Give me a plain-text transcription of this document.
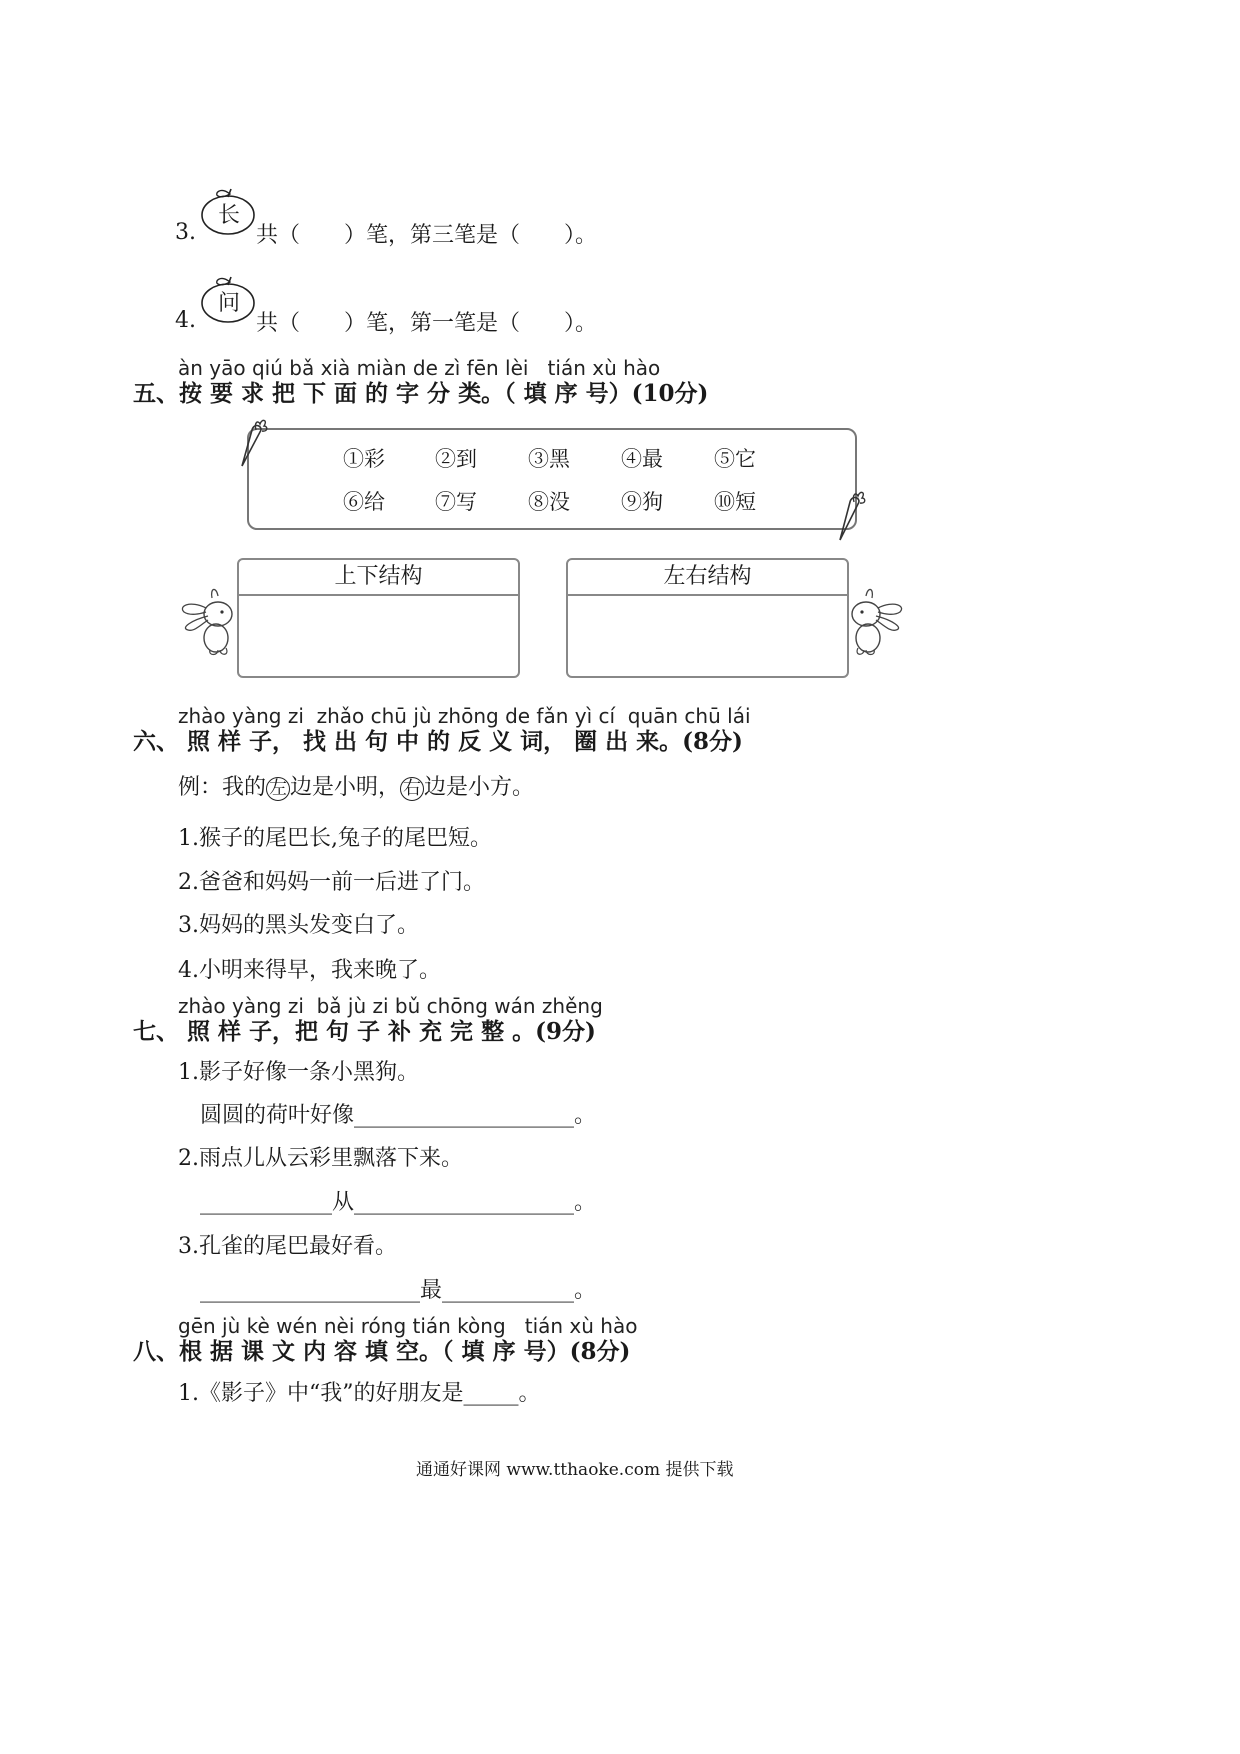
长
3.	共（　　）笔，第三笔是（　　）。
问
4.	共（　　）笔，第一笔是（　　）。
àn yāo qiú bǎ xià miàn de zì fēn lèi   tián xù hào
五、按 要 求 把 下 面 的 字 分 类。（ 填 序 号）(10分)
①彩 ②到 ③黑 ④最 ⑤它
⑥给 ⑦写 ⑧没 ⑨狗 ⑩短
上下结构	左右结构
zhào yàng zi  zhǎo chū jù zhōng de fǎn yì cí  quān chū lái
六、 照 样 子， 找 出 句 中 的 反 义 词， 圈 出 来。(8分)
例：我的 左 边是小明， 右 边是小方。
1.猴子的尾巴长,兔子的尾巴短。
2.爸爸和妈妈一前一后进了门。
3.妈妈的黑头发变白了。
4.小明来得早，我来晚了。
zhào yàng zi  bǎ jù zi bǔ chōng wán zhěng
七、 照 样 子，把 句 子 补 充 完 整 。(9分)
1.影子好像一条小黑狗。
圆圆的荷叶好像____________________。
2.雨点儿从云彩里飘落下来。
____________从____________________。
3.孔雀的尾巴最好看。
____________________最____________。
gēn jù kè wén nèi róng tián kòng   tián xù hào
八、根 据 课 文 内 容 填 空。（ 填 序 号）(8分)
1.《影子》中“我”的好朋友是_____。
通通好课网 www.tthaoke.com 提供下载
